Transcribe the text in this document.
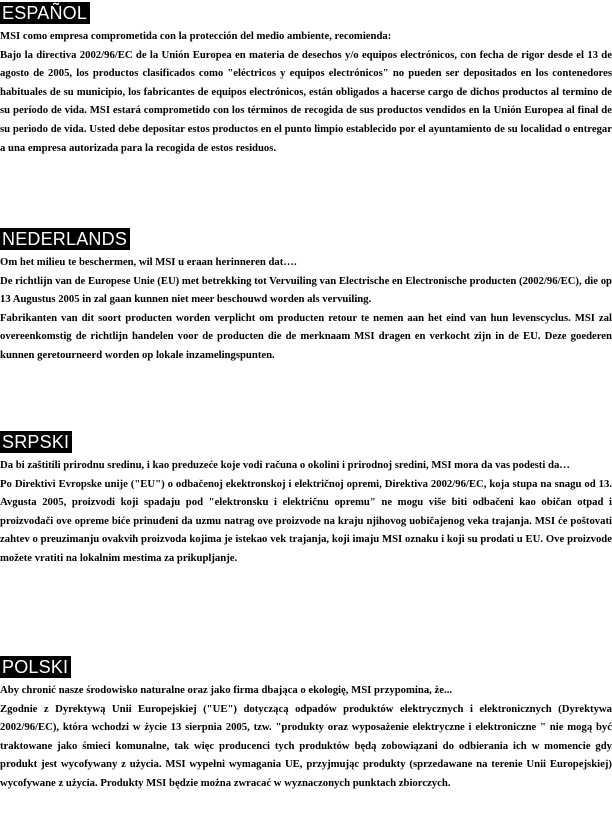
ESPAÑOL

MSI como empresa comprometida con la protección del medio ambiente, recomienda:

Bajo la directiva 2002/96/EC de la Unión Europea en materia de desechos y/o equipos electrónicos, con fecha de rigor desde el 13 de agosto de 2005, los productos clasificados como "eléctricos y equipos electrónicos" no pueden ser depositados en los contenedores habituales de su municipio, los fabricantes de equipos electrónicos, están obligados a hacerse cargo de dichos productos al termino de su período de vida. MSI estará comprometido con los términos de recogida de sus productos vendidos en la Unión Europea al final de su periodo de vida. Usted debe depositar estos productos en el punto limpio establecido por el ayuntamiento de su localidad o entregar a una empresa autorizada para la recogida de estos residuos.

NEDERLANDS

Om het milieu te beschermen, wil MSI u eraan herinneren dat….

De richtlijn van de Europese Unie (EU) met betrekking tot Vervuiling van Electrische en Electronische producten (2002/96/EC), die op 13 Augustus 2005 in zal gaan kunnen niet meer beschouwd worden als vervuiling.

Fabrikanten van dit soort producten worden verplicht om producten retour te nemen aan het eind van hun levenscyclus. MSI zal overeenkomstig de richtlijn handelen voor de producten die de merknaam MSI dragen en verkocht zijn in de EU. Deze goederen kunnen geretourneerd worden op lokale inzamelingspunten.

SRPSKI

Da bi zaštitili prirodnu sredinu, i kao preduzeće koje vodi računa o okolini i prirodnoj sredini, MSI mora da vas podesti da…

Po Direktivi Evropske unije ("EU") o odbačenoj ekektronskoj i električnoj opremi, Direktiva 2002/96/EC, koja stupa na snagu od 13. Avgusta 2005, proizvodi koji spadaju pod "elektronsku i električnu opremu" ne mogu više biti odbačeni kao običan otpad i proizvođači ove opreme biće prinuđeni da uzmu natrag ove proizvode na kraju njihovog uobičajenog veka trajanja. MSI će poštovati zahtev o preuzimanju ovakvih proizvoda kojima je istekao vek trajanja, koji imaju MSI oznaku i koji su prodati u EU. Ove proizvode možete vratiti na lokalnim mestima za prikupljanje.

POLSKI

Aby chronić nasze środowisko naturalne oraz jako firma dbająca o ekologię, MSI przypomina, że...

Zgodnie z Dyrektywą Unii Europejskiej ("UE") dotyczącą odpadów produktów elektrycznych i elektronicznych (Dyrektywa 2002/96/EC), która wchodzi w życie 13 sierpnia 2005, tzw. "produkty oraz wyposażenie elektryczne i elektroniczne " nie mogą być traktowane jako śmieci komunalne, tak więc producenci tych produktów będą zobowiązani do odbierania ich w momencie gdy produkt jest wycofywany z użycia. MSI wypełni wymagania UE, przyjmując produkty (sprzedawane na terenie Unii Europejskiej) wycofywane z użycia. Produkty MSI będzie można zwracać w wyznaczonych punktach zbiorczych.
